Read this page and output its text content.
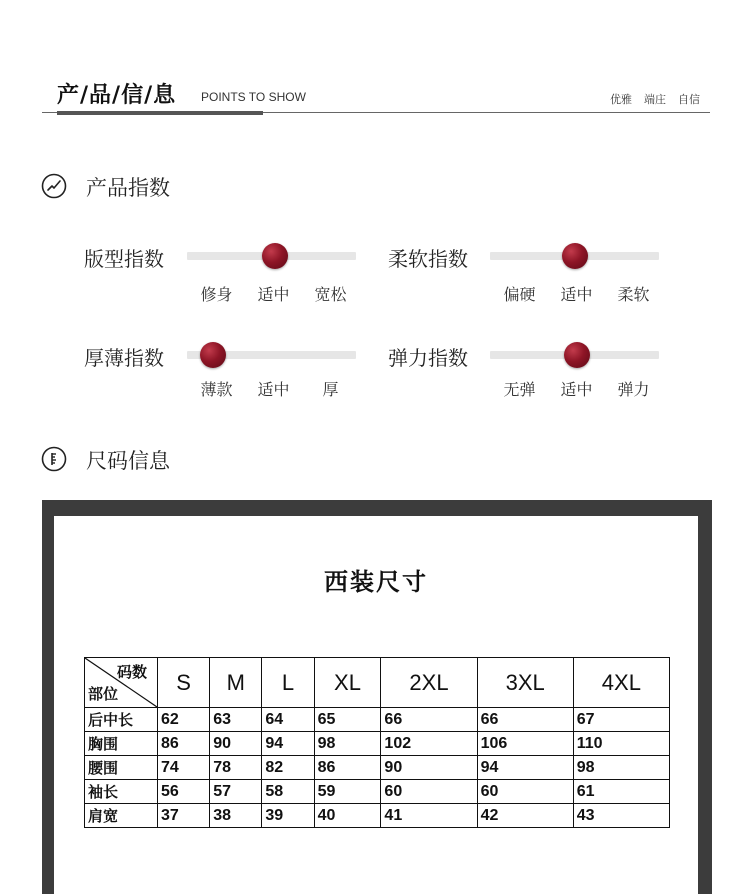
产/品/信/息 POINTS TO SHOW	优雅 端庄 自信
产品指数
版型指数
修身	适中	宽松
柔软指数
偏硬	适中	柔软
厚薄指数
薄款	适中	厚
弹力指数
无弹	适中	弹力
尺码信息
西装尺寸
码数
部位	S	M	L	XL	2XL	3XL	4XL
后中长	62	63	64	65	66	66	67
胸围	86	90	94	98	102	106	110
腰围	74	78	82	86	90	94	98
袖长	56	57	58	59	60	60	61
肩宽	37	38	39	40	41	42	43
